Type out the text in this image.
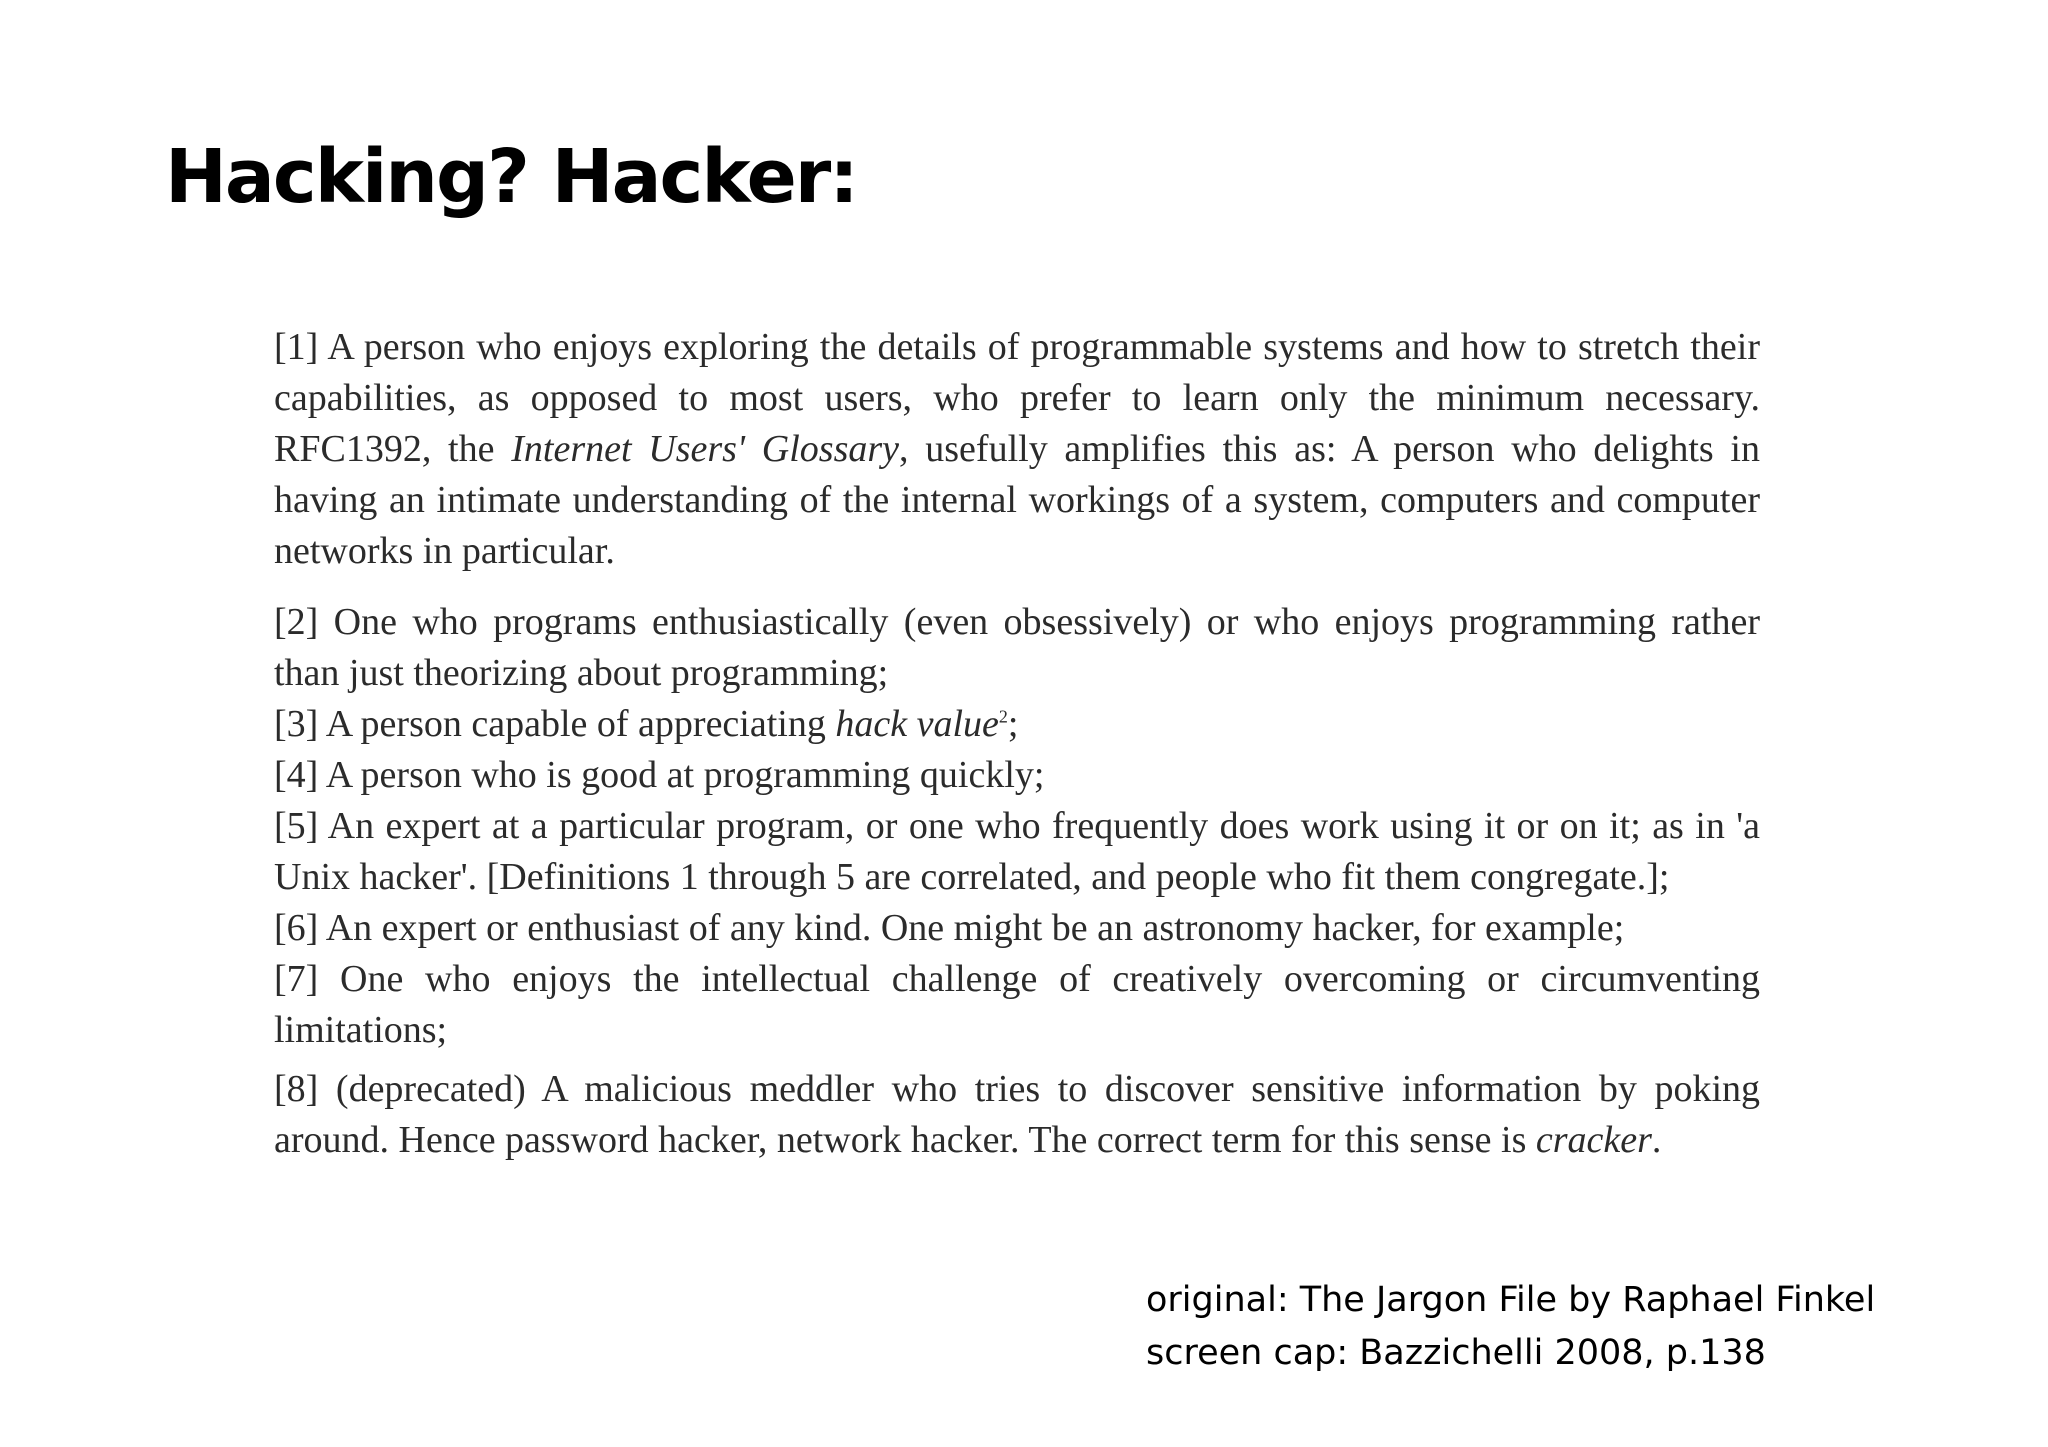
Hacking? Hacker:

[1] A person who enjoys exploring the details of programmable systems and how to stretch their capabilities, as opposed to most users, who prefer to learn only the minimum necessary. RFC1392, the Internet Users' Glossary, usefully amplifies this as: A person who delights in having an intimate understanding of the internal workings of a system, computers and computer networks in particular.

[2] One who programs enthusiastically (even obsessively) or who enjoys programming rather than just theorizing about programming;

[3] A person capable of appreciating hack value$^2$;

[4] A person who is good at programming quickly;

[5] An expert at a particular program, or one who frequently does work using it or on it; as in 'a Unix hacker'. [Definitions 1 through 5 are correlated, and people who fit them congregate.];

[6] An expert or enthusiast of any kind. One might be an astronomy hacker, for example;

[7] One who enjoys the intellectual challenge of creatively overcoming or circumventing limitations;

[8] (deprecated) A malicious meddler who tries to discover sensitive information by poking around. Hence password hacker, network hacker. The correct term for this sense is cracker.

original: The Jargon File by Raphael Finkel
screen cap: Bazzichelli 2008, p.138
